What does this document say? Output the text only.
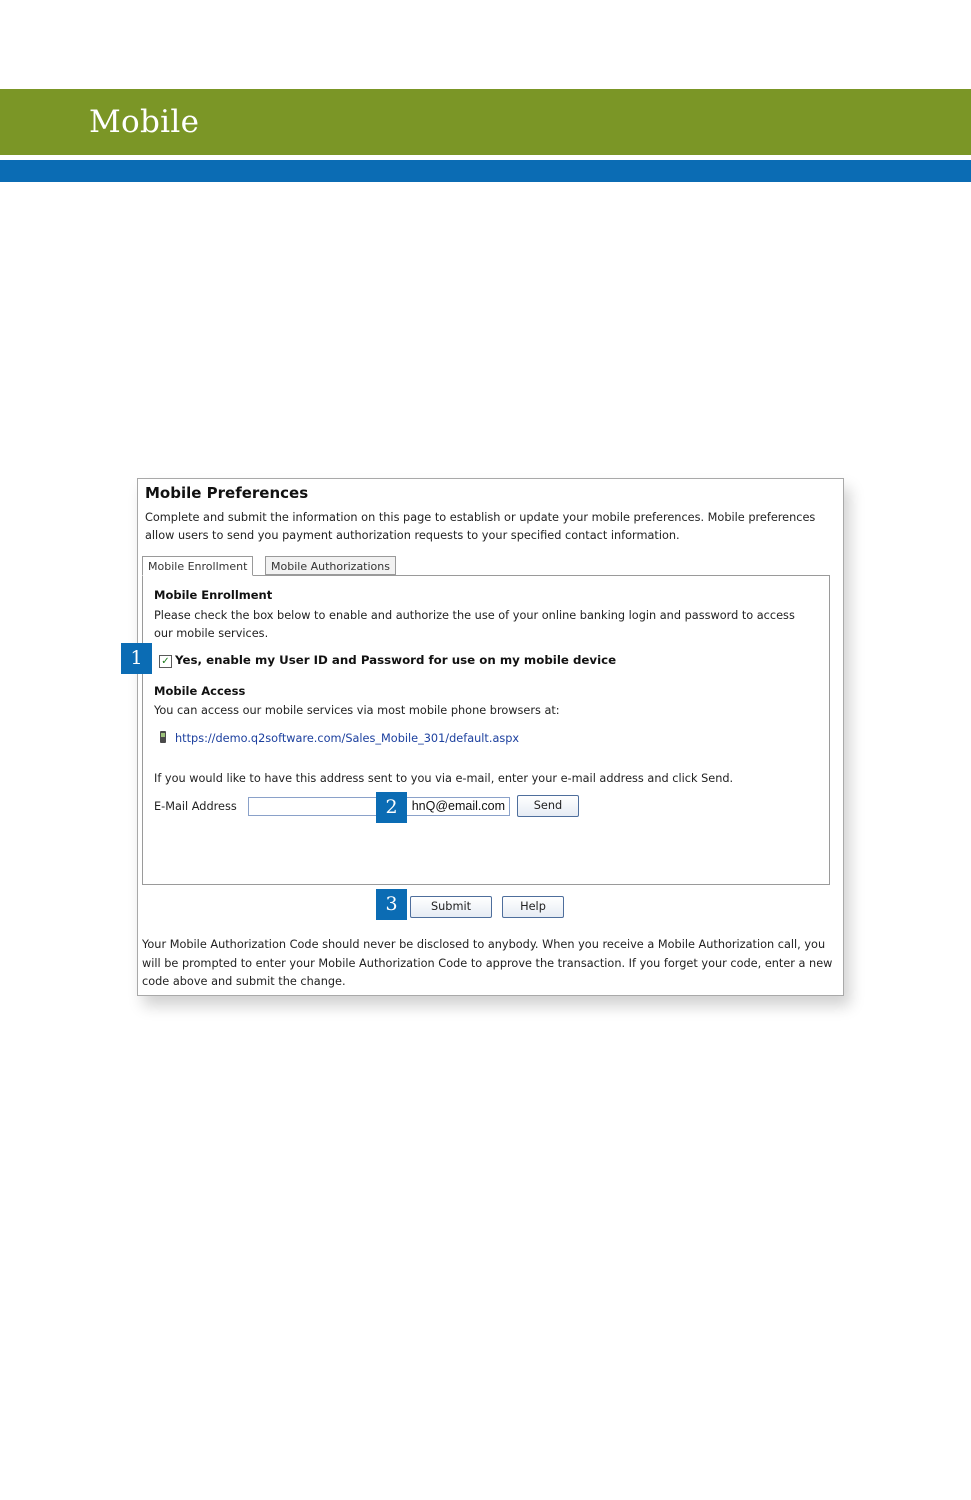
Mobile
Mobile Preferences
Complete and submit the information on this page to establish or update your mobile preferences. Mobile preferences allow users to send you payment authorization requests to your specified contact information.
Mobile Enrollment	Mobile Authorizations
Mobile Enrollment
Please check the box below to enable and authorize the use of your online banking login and password to access our mobile services.
✓ Yes, enable my User ID and Password for use on my mobile device
Mobile Access
You can access our mobile services via most mobile phone browsers at:
https://demo.q2software.com/Sales_Mobile_301/default.aspx
If you would like to have this address sent to you via e-mail, enter your e-mail address and click Send.
E-Mail Address	hnQ@email.com	Send
Submit	Help
Your Mobile Authorization Code should never be disclosed to anybody. When you receive a Mobile Authorization call, you will be prompted to enter your Mobile Authorization Code to approve the transaction. If you forget your code, enter a new code above and submit the change.
1
2
3
